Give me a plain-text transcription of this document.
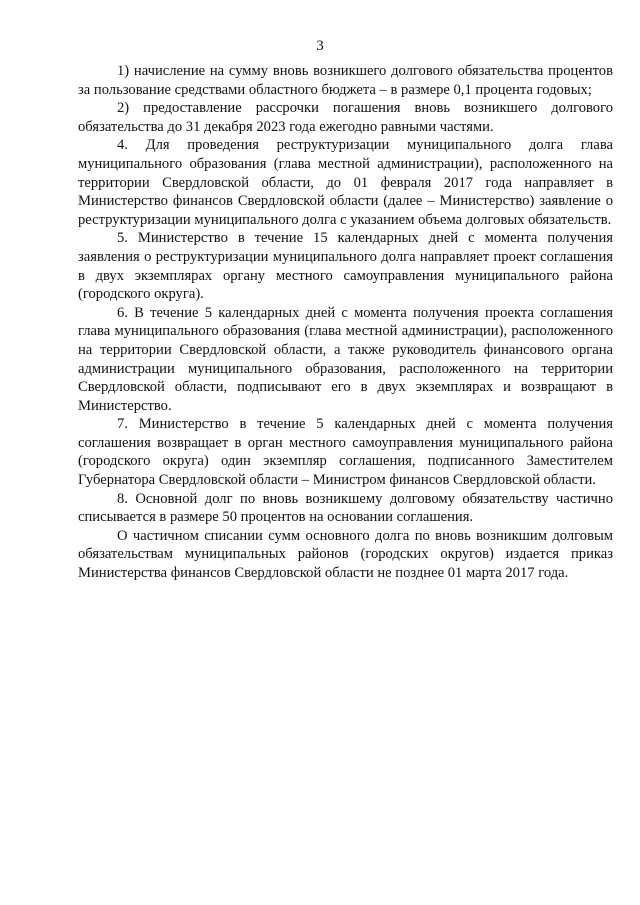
3

1) начисление на сумму вновь возникшего долгового обязательства процентов за пользование средствами областного бюджета – в размере 0,1 процента годовых;

2) предоставление рассрочки погашения вновь возникшего долгового обязательства до 31 декабря 2023 года ежегодно равными частями.

4. Для проведения реструктуризации муниципального долга глава муниципального образования (глава местной администрации), расположенного на территории Свердловской области, до 01 февраля 2017 года направляет в Министерство финансов Свердловской области (далее – Министерство) заявление о реструктуризации муниципального долга с указанием объема долговых обязательств.

5. Министерство в течение 15 календарных дней с момента получения заявления о реструктуризации муниципального долга направляет проект соглашения в двух экземплярах органу местного самоуправления муниципального района (городского округа).

6. В течение 5 календарных дней с момента получения проекта соглашения глава муниципального образования (глава местной администрации), расположенного на территории Свердловской области, а также руководитель финансового органа администрации муниципального образования, расположенного на территории Свердловской области, подписывают его в двух экземплярах и возвращают в Министерство.

7. Министерство в течение 5 календарных дней с момента получения соглашения возвращает в орган местного самоуправления муниципального района (городского округа) один экземпляр соглашения, подписанного Заместителем Губернатора Свердловской области – Министром финансов Свердловской области.

8. Основной долг по вновь возникшему долговому обязательству частично списывается в размере 50 процентов на основании соглашения.

О частичном списании сумм основного долга по вновь возникшим долговым обязательствам муниципальных районов (городских округов) издается приказ Министерства финансов Свердловской области не позднее 01 марта 2017 года.
